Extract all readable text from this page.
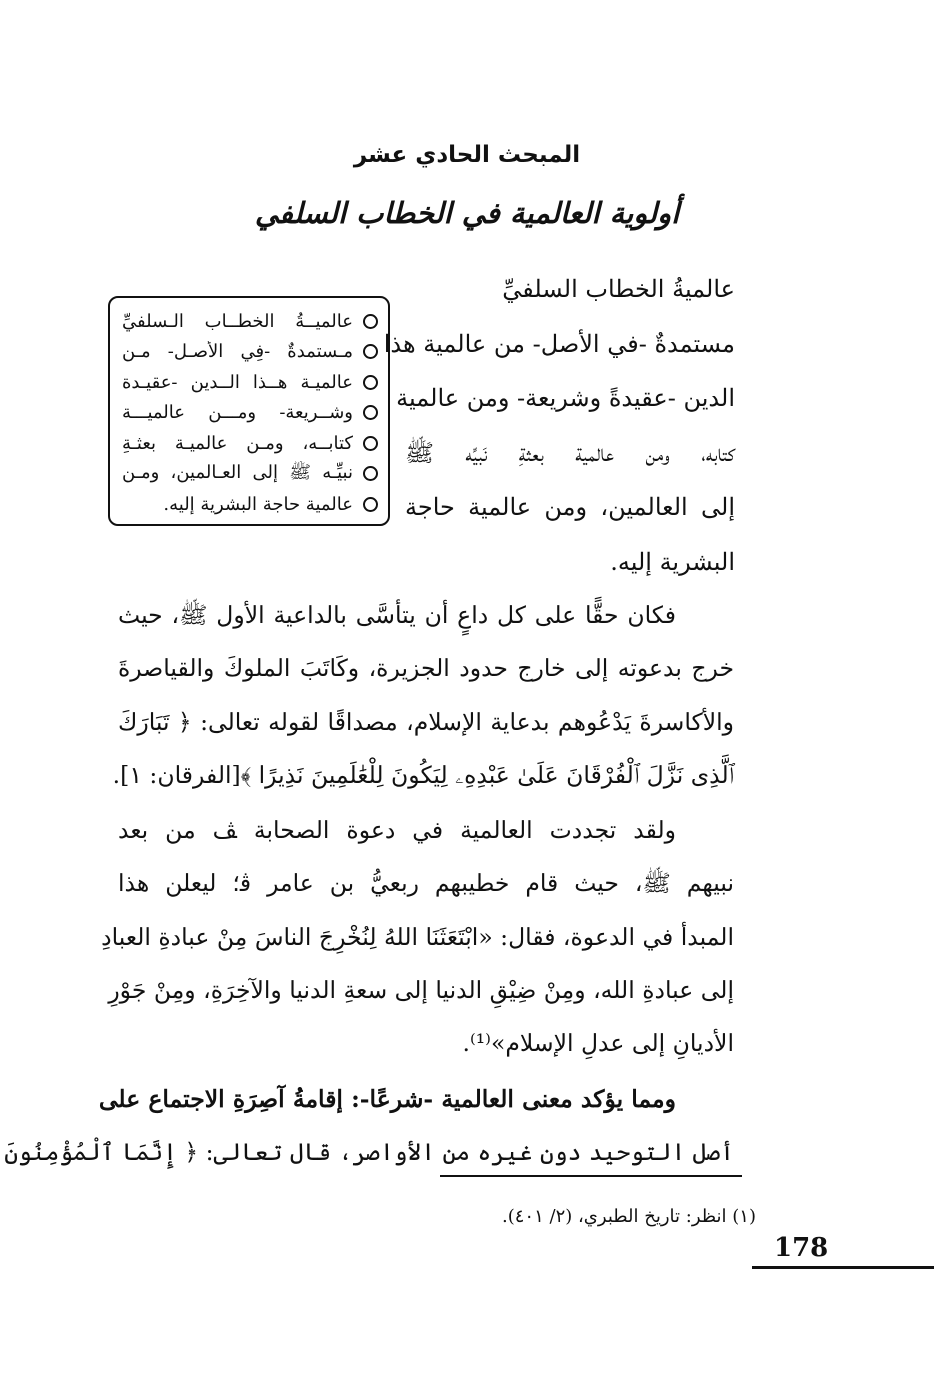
المبحث الحادي عشر
أولوية العالمية في الخطاب السلفي
عالميــةُ الخطــاب الـسلفيِّ
مـستمدةٌ -فِي الأصـل- مـن
عالميـة هــذا الــدين -عقيـدة
وشــريعة- ومـــن عالميـــة
كتابــه، ومـن عالميـة بعثـةِ
نبيِّـه ﷺ إلى العـالمين، ومـن
عالمية حاجة البشرية إليه.
عالميةُ الخطاب السلفيِّ
مستمدةٌ -في الأصل- من عالمية هذا
الدين -عقيدةً وشريعة- ومن عالمية
كتابه، ومن عالمية بعثةِ نَبيِّه ﷺ
إلى العالمين، ومن عالمية حاجة
البشرية إليه.
فكان حقًّا على كل داعٍ أن يتأسَّى بالداعية الأول ﷺ، حيث
خرج بدعوته إلى خارج حدود الجزيرة، وكَاتَبَ الملوكَ والقياصرةَ
والأكاسرةَ يَدْعُوهم بدعاية الإسلام، مصداقًا لقوله تعالى: ﴿ تَبَارَكَ
ٱلَّذِى نَزَّلَ ٱلْفُرْقَانَ عَلَىٰ عَبْدِهِۦ لِيَكُونَ لِلْعَٰلَمِينَ نَذِيرًا ﴾[الفرقان: ١].
ولقد تجددت العالمية في دعوة الصحابة ﭫ من بعد
نبيهم ﷺ، حيث قام خطيبهم ربعيُّ بن عامر ﭬ؛ ليعلن هذا
المبدأ في الدعوة، فقال: «ابْتَعَثَنَا اللهُ لِنُخْرِجَ الناسَ مِنْ عبادةِ العبادِ
إلى عبادةِ الله، ومِنْ ضِيْقِ الدنيا إلى سعةِ الدنيا والآخِرَةِ، ومِنْ جَوْرِ
الأديانِ إلى عدلِ الإسلام»⁽¹⁾.
ومما يؤكد معنى العالمية -شرعًا-: إقامةُ آصِرَةِ الاجتماع على
أصل التوحيد دون غيره من الأواصر، قال تعالى: ﴿ إِنَّمَا ٱلْمُؤْمِنُونَ
(١) انظر: تاريخ الطبري، (٢/ ٤٠١).
178
